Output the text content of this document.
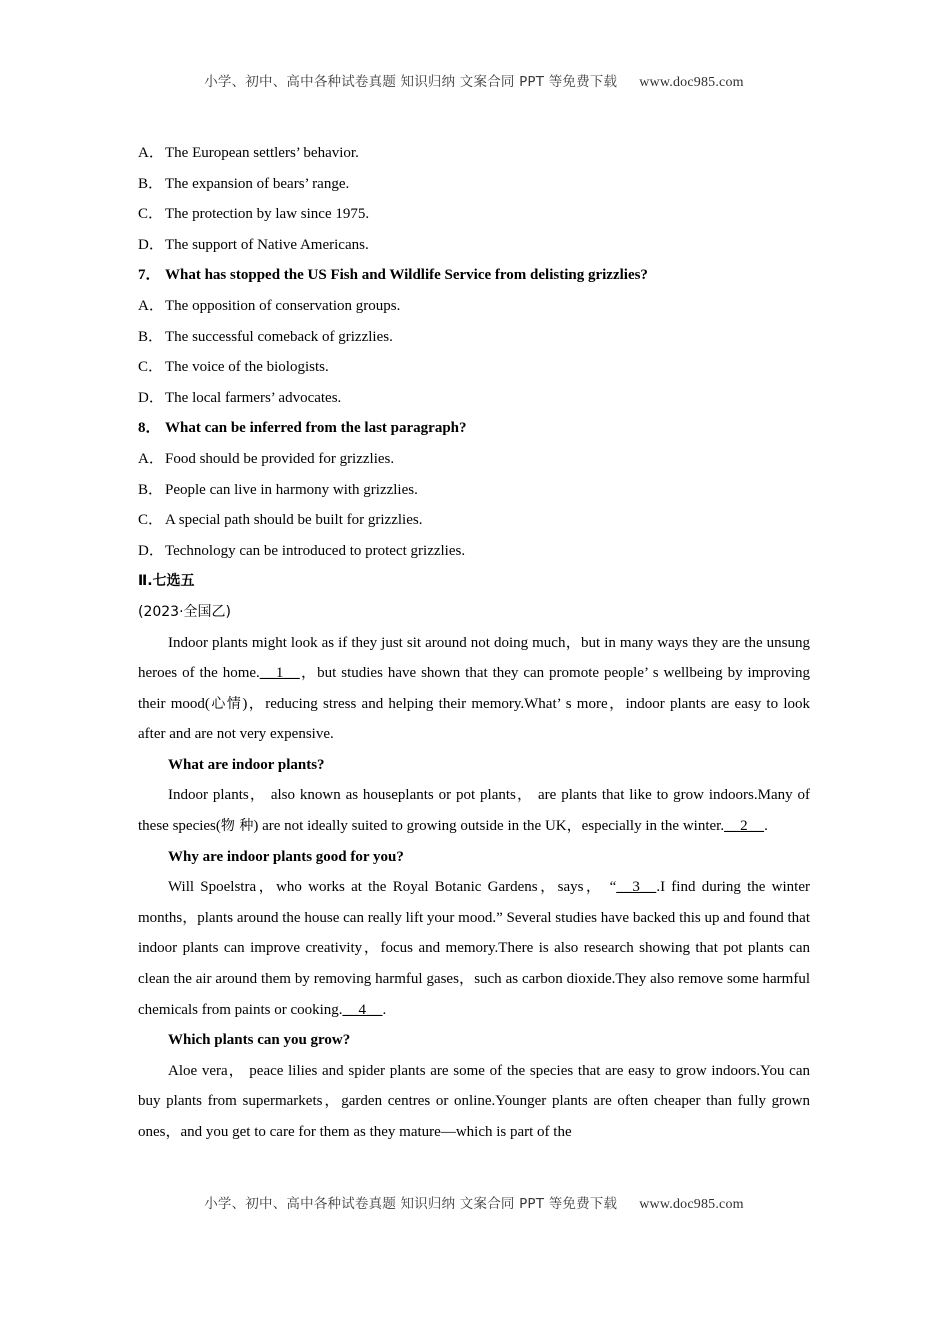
小学、初中、高中各种试卷真题 知识归纳 文案合同 PPT 等免费下载 www.doc985.com
A．The European settlers’ behavior.
B． The expansion of bears’ range.
C． The protection by law since 1975.
D．The support of Native Americans.
7． What has stopped the US Fish and Wildlife Service from delisting grizzlies?
A．The opposition of conservation groups.
B． The successful comeback of grizzlies.
C． The voice of the biologists.
D．The local farmers’ advocates.
8． What can be inferred from the last paragraph?
A．Food should be provided for grizzlies.
B． People can live in harmony with grizzlies.
C． A special path should be built for grizzlies.
D．Technology can be introduced to protect grizzlies.
Ⅱ.七选五
(2023·全国乙)

Indoor plants might look as if they just sit around not doing much，but in many ways they are the unsung heroes of the home.__1__，but studies have shown that they can promote people’ s wellbeing by improving their mood(心情)，reducing stress and helping their memory.What’ s more，indoor plants are easy to look after and are not very expensive.

What are indoor plants?

Indoor plants， also known as houseplants or pot plants， are plants that like to grow indoors.Many of these species(物 种) are not ideally suited to growing outside in the UK，especially in the winter.__2__.

Why are indoor plants good for you?

Will Spoelstra，who works at the Royal Botanic Gardens，says， “__3__.I find during the winter months，plants around the house can really lift your mood.” Several studies have backed this up and found that indoor plants can improve creativity，focus and memory.There is also research showing that pot plants can clean the air around them by removing harmful gases，such as carbon dioxide.They also remove some harmful chemicals from paints or cooking.__4__.

Which plants can you grow?

Aloe vera， peace lilies and spider plants are some of the species that are easy to grow indoors.You can buy plants from supermarkets，garden centres or online.Younger plants are often cheaper than fully grown ones，and you get to care for them as they mature—which is part of the

小学、初中、高中各种试卷真题 知识归纳 文案合同 PPT 等免费下载 www.doc985.com
